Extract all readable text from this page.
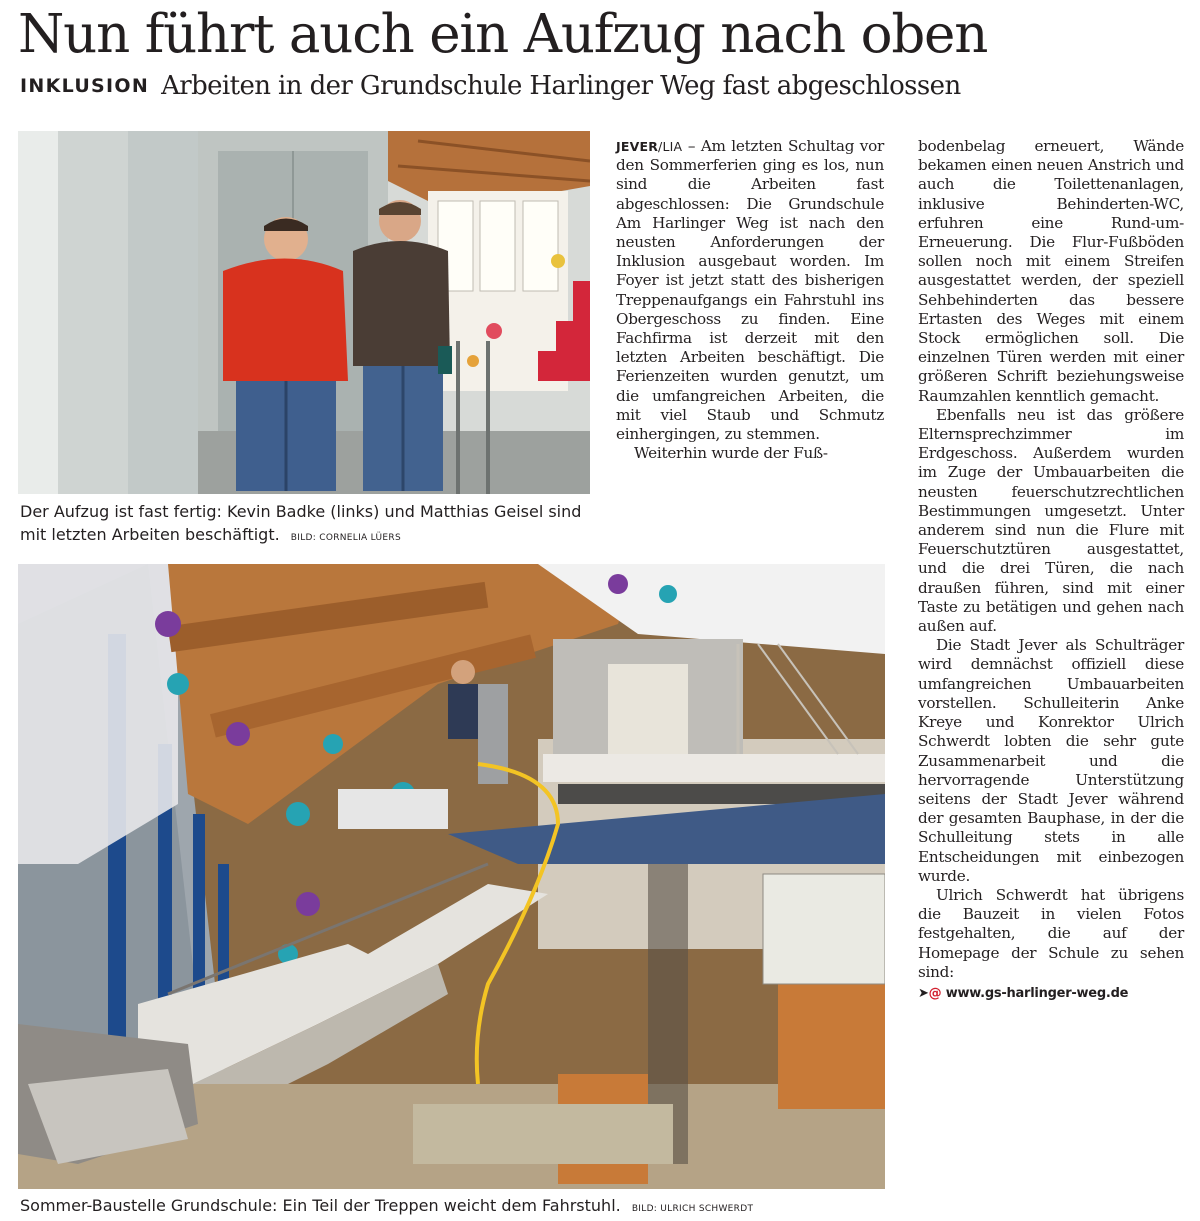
Nun führt auch ein Aufzug nach oben
INKLUSION Arbeiten in der Grundschule Harlinger Weg fast abgeschlossen
Der Aufzug ist fast fertig: Kevin Badke (links) und Matthias Geisel sind mit letzten Arbeiten beschäftigt. BILD: CORNELIA LÜERS
Sommer-Baustelle Grundschule: Ein Teil der Treppen weicht dem Fahrstuhl. BILD: ULRICH SCHWERDT

JEVER/LIA – Am letzten Schultag vor den Sommerferien ging es los, nun sind die Arbeiten fast abgeschlossen: Die Grundschule Am Harlinger Weg ist nach den neusten Anforderungen der Inklusion ausgebaut worden. Im Foyer ist jetzt statt des bisherigen Treppenaufgangs ein Fahrstuhl ins Obergeschoss zu finden. Eine Fachfirma ist derzeit mit den letzten Arbeiten beschäftigt. Die Ferienzeiten wurden genutzt, um die umfangreichen Arbeiten, die mit viel Staub und Schmutz einhergingen, zu stemmen.

Weiterhin wurde der Fuß-

bodenbelag erneuert, Wände bekamen einen neuen Anstrich und auch die Toilettenanlagen, inklusive Behinderten-WC, erfuhren eine Rund-um-Erneuerung. Die Flur-Fußböden sollen noch mit einem Streifen ausgestattet werden, der speziell Sehbehinderten das bessere Ertasten des Weges mit einem Stock ermöglichen soll. Die einzelnen Türen werden mit einer größeren Schrift beziehungsweise Raumzahlen kenntlich gemacht.

Ebenfalls neu ist das größere Elternsprechzimmer im Erdgeschoss. Außerdem wurden im Zuge der Umbauarbeiten die neusten feuerschutzrechtlichen Bestimmungen umgesetzt. Unter anderem sind nun die Flure mit Feuerschutztüren ausgestattet, und die drei Türen, die nach draußen führen, sind mit einer Taste zu betätigen und gehen nach außen auf.

Die Stadt Jever als Schulträger wird demnächst offiziell diese umfangreichen Umbauarbeiten vorstellen. Schulleiterin Anke Kreye und Konrektor Ulrich Schwerdt lobten die sehr gute Zusammenarbeit und die hervorragende Unterstützung seitens der Stadt Jever während der gesamten Bauphase, in der die Schulleitung stets in alle Entscheidungen mit einbezogen wurde.

Ulrich Schwerdt hat übrigens die Bauzeit in vielen Fotos festgehalten, die auf der Homepage der Schule zu sehen sind:

➤@ www.gs-harlinger-weg.de
